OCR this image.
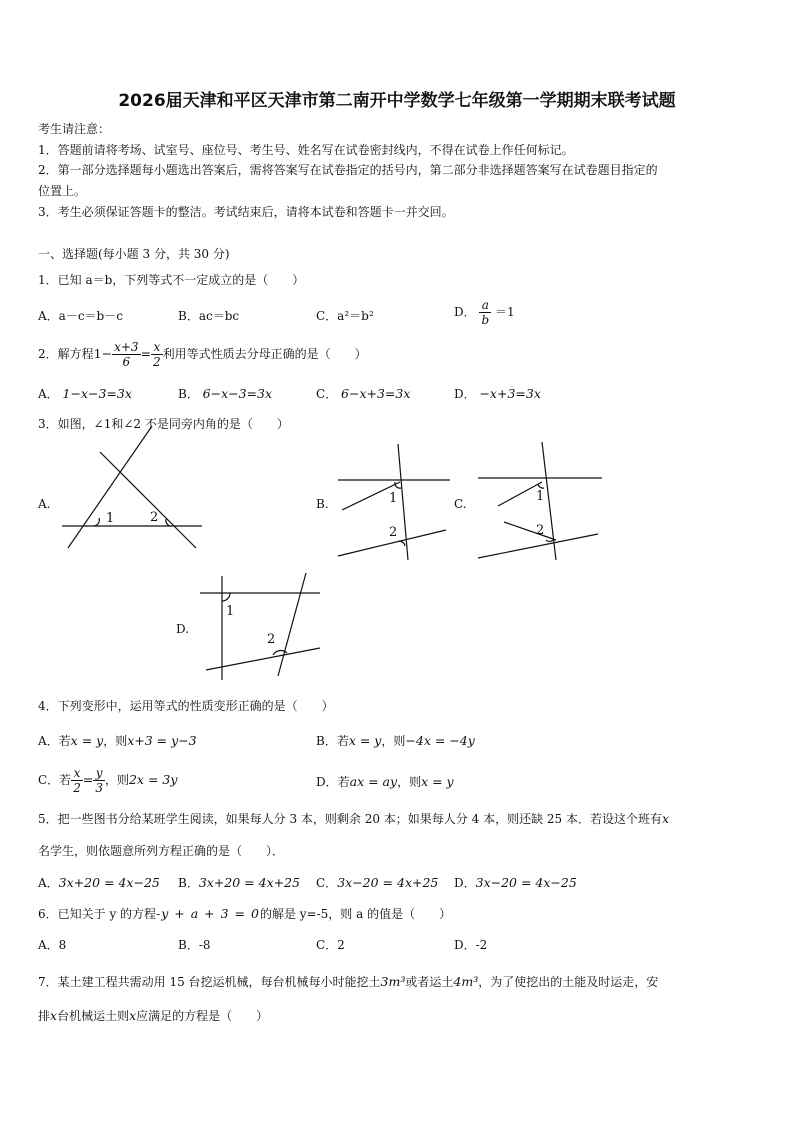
2026届天津和平区天津市第二南开中学数学七年级第一学期期末联考试题
考生请注意：
1．答题前请将考场、试室号、座位号、考生号、姓名写在试卷密封线内，不得在试卷上作任何标记。
2．第一部分选择题每小题选出答案后，需将答案写在试卷指定的括号内，第二部分非选择题答案写在试卷题目指定的
位置上。
3．考生必须保证答题卡的整洁。考试结束后，请将本试卷和答题卡一并交回。
一、选择题(每小题 3 分，共 30 分)
1．已知 a＝b，下列等式不一定成立的是（　　）
A．a－c＝b－c	B．ac＝bc	C．a²＝b²	D． $\frac{a}{b} =1$
2．解方程$1- \frac{x+3}{6} = \frac{x}{2}$ 利用等式性质去分母正确的是（　　）
A． 1−x−3=3x	B． 6−x−3=3x	C． 6−x+3=3x	D． −x+3=3x
3．如图，∠1和∠2 不是同旁内角的是（　　）
A.	B.	C.
D.
1	2
1
2
1
2
1
2
4．下列变形中，运用等式的性质变形正确的是（　　）
A．若x = y，则x+3 = y−3	B．若x = y，则−4x = −4y
C．若 $\frac{x}{2} = \frac{y}{3}$ ，则2x = 3y	D．若ax = ay，则x = y
5．把一些图书分给某班学生阅读，如果每人分 3 本，则剩余 20 本；如果每人分 4 本，则还缺 25 本．若设这个班有x
名学生，则依题意所列方程正确的是（　　）．
A．3x+20 = 4x−25 B．3x+20 = 4x+25 C．3x−20 = 4x+25 D．3x−20 = 4x−25
6．已知关于 y 的方程-y + a + 3 = 0的解是 y=-5，则 a 的值是（　　）
A．8	B．-8	C．2	D．-2
7．某土建工程共需动用 15 台挖运机械，每台机械每小时能挖土3m³或者运土4m³，为了使挖出的土能及时运走，安
排x台机械运土则x应满足的方程是（　　）
